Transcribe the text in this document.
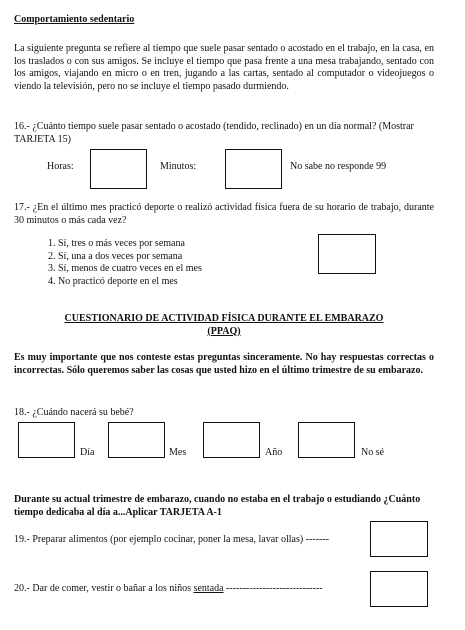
Comportamiento sedentario
La siguiente pregunta se refiere al tiempo que suele pasar sentado o acostado en el trabajo, en la casa, en los traslados o con sus amigos. Se incluye el tiempo que pasa frente a una mesa trabajando, sentado con los amigos, viajando en micro o en tren, jugando a las cartas, sentado al computador o videojuegos o viendo la televisión, pero no se incluye el tiempo pasado durmiendo.
16.- ¿Cuánto tiempo suele pasar sentado o acostado (tendido, reclinado) en un día normal? (Mostrar TARJETA 15)
Horas:	Minutos:	No sabe no responde 99
17.- ¿En el último mes practicó deporte o realizó actividad física fuera de su horario de trabajo, durante 30 minutos o más cada vez?
1. Sí, tres o más veces por semana
2. Sí, una a dos veces por semana
3. Sí, menos de cuatro veces en el mes
4. No practicó deporte en el mes
CUESTIONARIO DE ACTIVIDAD FÍSICA DURANTE EL EMBARAZO
(PPAQ)
Es muy importante que nos conteste estas preguntas sinceramente. No hay respuestas correctas o incorrectas. Sólo queremos saber las cosas que usted hizo en el último trimestre de su embarazo.
18.- ¿Cuándo nacerá su bebé?
Día	Mes	Año	No sé
Durante su actual trimestre de embarazo, cuando no estaba en el trabajo o estudiando ¿Cuánto tiempo dedicaba al día a...Aplicar TARJETA A-1
19.- Preparar alimentos (por ejemplo cocinar, poner la mesa, lavar ollas) -------
20.- Dar de comer, vestir o bañar a los niños sentada -----------------------------
